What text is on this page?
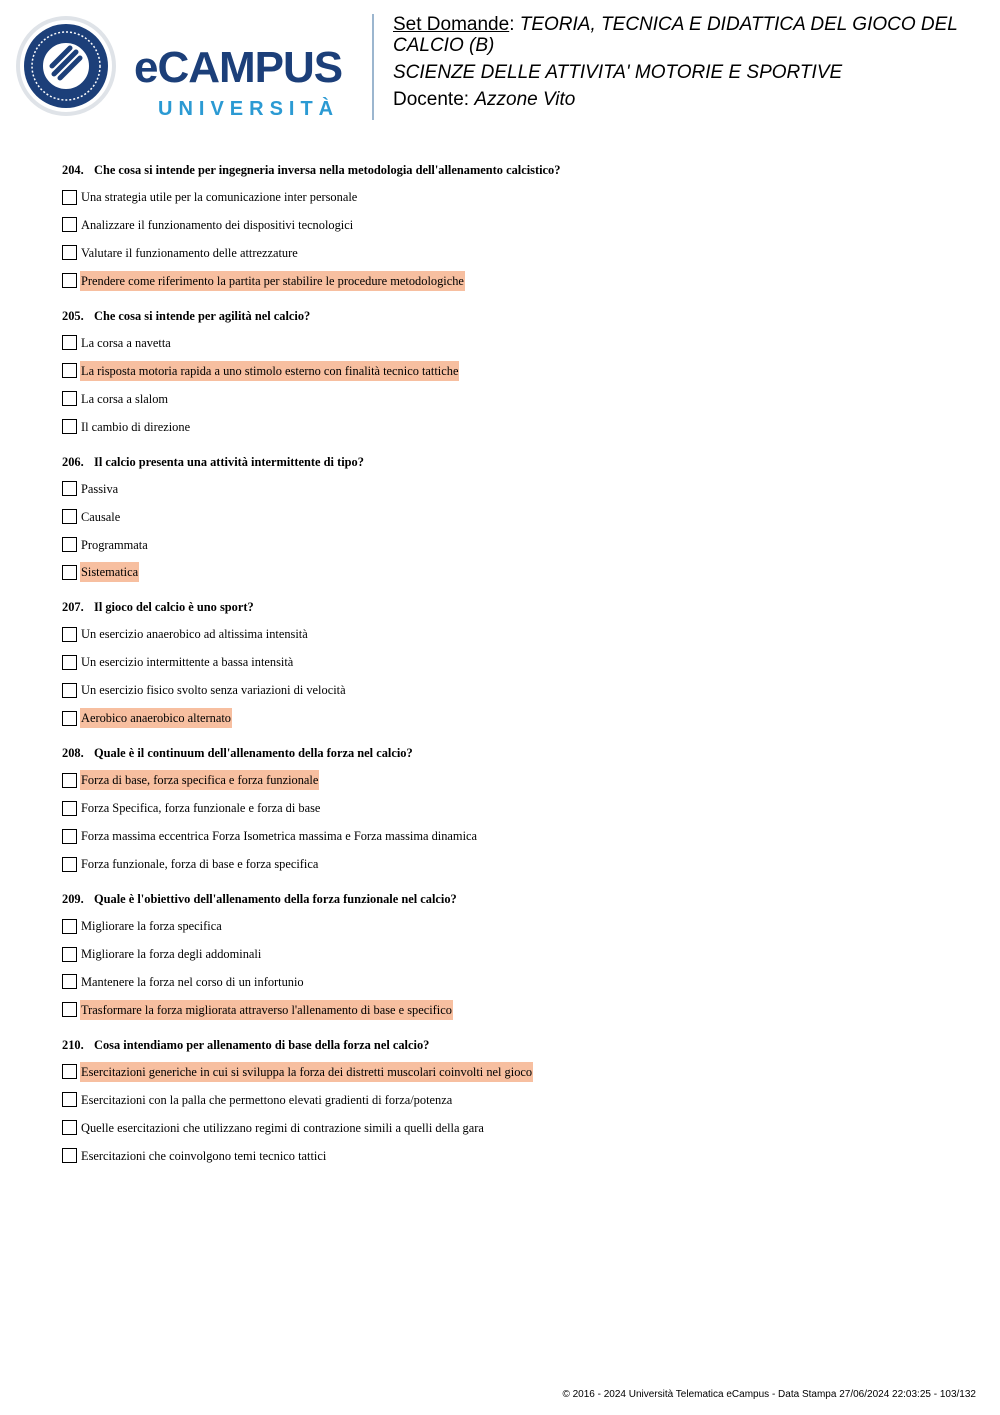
eCAMPUS
UNIVERSITÀ
Set Domande: TEORIA, TECNICA E DIDATTICA DEL GIOCO DEL CALCIO (B)
SCIENZE DELLE ATTIVITA' MOTORIE E SPORTIVE
Docente: Azzone Vito
204. Che cosa si intende per ingegneria inversa nella metodologia dell'allenamento calcistico?
Una strategia utile per la comunicazione inter personale
Analizzare il funzionamento dei dispositivi tecnologici
Valutare il funzionamento delle attrezzature
Prendere come riferimento la partita per stabilire le procedure metodologiche
205. Che cosa si intende per agilità nel calcio?
La corsa a navetta
La risposta motoria rapida a uno stimolo esterno con finalità tecnico tattiche
La corsa a slalom
Il cambio di direzione
206. Il calcio presenta una attività intermittente di tipo?
Passiva
Causale
Programmata
Sistematica
207. Il gioco del calcio è uno sport?
Un esercizio anaerobico ad altissima intensità
Un esercizio intermittente a bassa intensità
Un esercizio fisico svolto senza variazioni di velocità
Aerobico anaerobico alternato
208. Quale è il continuum dell'allenamento della forza nel calcio?
Forza di base, forza specifica e forza funzionale
Forza Specifica, forza funzionale e forza di base
Forza massima eccentrica Forza Isometrica massima e Forza massima dinamica
Forza funzionale, forza di base e forza specifica
209. Quale è l'obiettivo dell'allenamento della forza funzionale nel calcio?
Migliorare la forza specifica
Migliorare la forza degli addominali
Mantenere la forza nel corso di un infortunio
Trasformare la forza migliorata attraverso l'allenamento di base e specifico
210. Cosa intendiamo per allenamento di base della forza nel calcio?
Esercitazioni generiche in cui si sviluppa la forza dei distretti muscolari coinvolti nel gioco
Esercitazioni con la palla che permettono elevati gradienti di forza/potenza
Quelle esercitazioni che utilizzano regimi di contrazione simili a quelli della gara
Esercitazioni che coinvolgono temi tecnico tattici
© 2016 - 2024 Università Telematica eCampus - Data Stampa 27/06/2024 22:03:25 - 103/132
